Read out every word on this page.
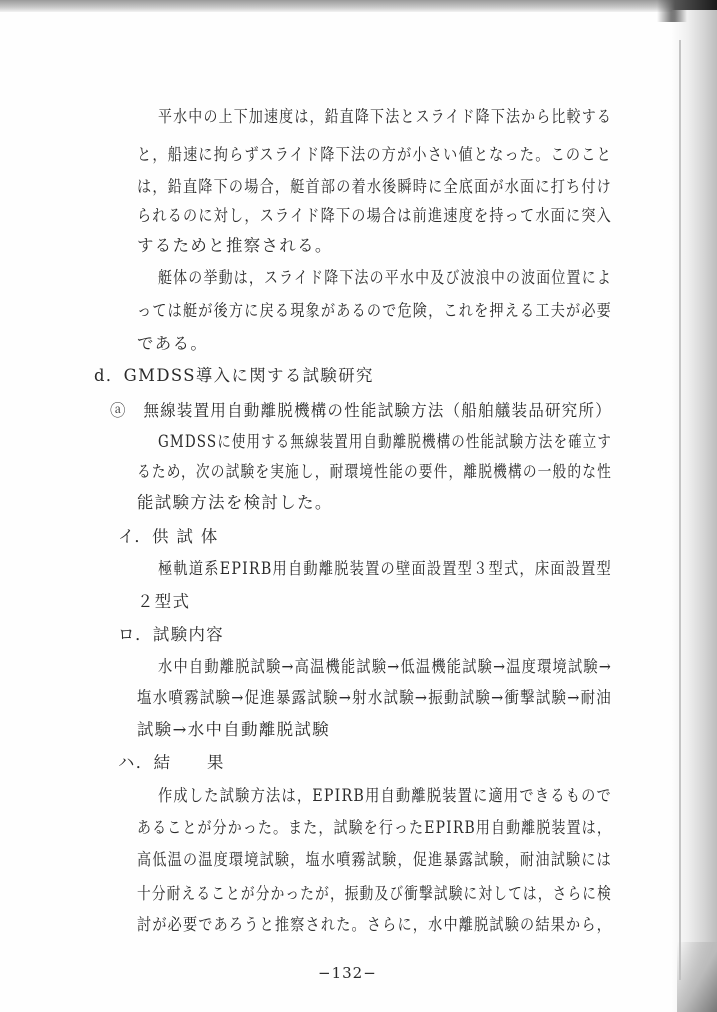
平水中の上下加速度は，鉛直降下法とスライド降下法から比較する
と，船速に拘らずスライド降下法の方が小さい値となった。このこと
は，鉛直降下の場合，艇首部の着水後瞬時に全底面が水面に打ち付け
られるのに対し，スライド降下の場合は前進速度を持って水面に突入
するためと推察される。
艇体の挙動は，スライド降下法の平水中及び波浪中の波面位置によ
っては艇が後方に戻る現象があるので危険，これを押える工夫が必要
である。
d．GMDSS導入に関する試験研究
ⓐ　無線装置用自動離脱機構の性能試験方法（船舶艤装品研究所）
GMDSSに使用する無線装置用自動離脱機構の性能試験方法を確立す
るため，次の試験を実施し，耐環境性能の要件，離脱機構の一般的な性
能試験方法を検討した。
イ．供 試 体
極軌道系EPIRB用自動離脱装置の壁面設置型３型式，床面設置型
２型式
ロ．試験内容
水中自動離脱試験→高温機能試験→低温機能試験→温度環境試験→
塩水噴霧試験→促進暴露試験→射水試験→振動試験→衝撃試験→耐油
試験→水中自動離脱試験
ハ．結　　果
作成した試験方法は，EPIRB用自動離脱装置に適用できるもので
あることが分かった。また，試験を行ったEPIRB用自動離脱装置は，
高低温の温度環境試験，塩水噴霧試験，促進暴露試験，耐油試験には
十分耐えることが分かったが，振動及び衝撃試験に対しては，さらに検
討が必要であろうと推察された。さらに，水中離脱試験の結果から，
−132−
